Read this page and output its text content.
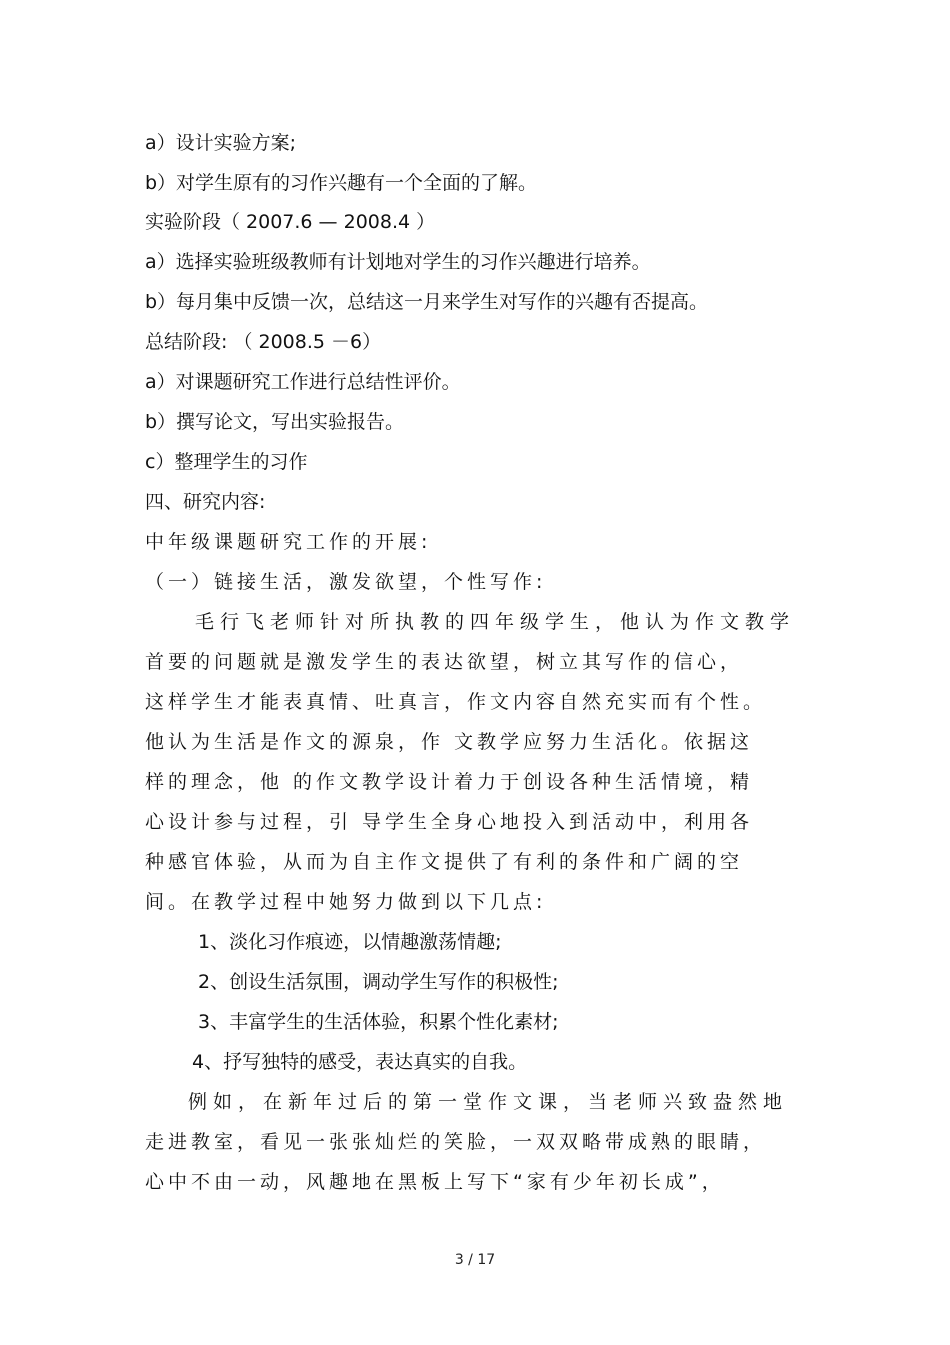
a）设计实验方案;
b）对学生原有的习作兴趣有一个全面的了解。
实验阶段（ 2007.6 — 2008.4 ）
a）选择实验班级教师有计划地对学生的习作兴趣进行培养。
b）每月集中反馈一次，总结这一月来学生对写作的兴趣有否提高。
总结阶段: （ 2008.5 －6）
a）对课题研究工作进行总结性评价。
b）撰写论文，写出实验报告。
c）整理学生的习作
四、研究内容:
中年级课题研究工作的开展:
（一）链接生活，激发欲望，个性写作:
　毛行飞老师针对所执教的四年级学生，他认为作文教学
首要的问题就是激发学生的表达欲望，树立其写作的信心，
这样学生才能表真情、吐真言，作文内容自然充实而有个性。
他认为生活是作文的源泉，作 文教学应努力生活化。依据这
样的理念，他 的作文教学设计着力于创设各种生活情境，精
心设计参与过程，引 导学生全身心地投入到活动中，利用各
种感官体验，从而为自主作文提供了有利的条件和广阔的空
间。在教学过程中她努力做到以下几点:
1、淡化习作痕迹，以情趣激荡情趣;
2、创设生活氛围，调动学生写作的积极性;
3、丰富学生的生活体验，积累个性化素材;
4、抒写独特的感受，表达真实的自我。
例如，在新年过后的第一堂作文课，当老师兴致盎然地
走进教室，看见一张张灿烂的笑脸，一双双略带成熟的眼睛，
心中不由一动，风趣地在黑板上写下“家有少年初长成”，
3 / 17
